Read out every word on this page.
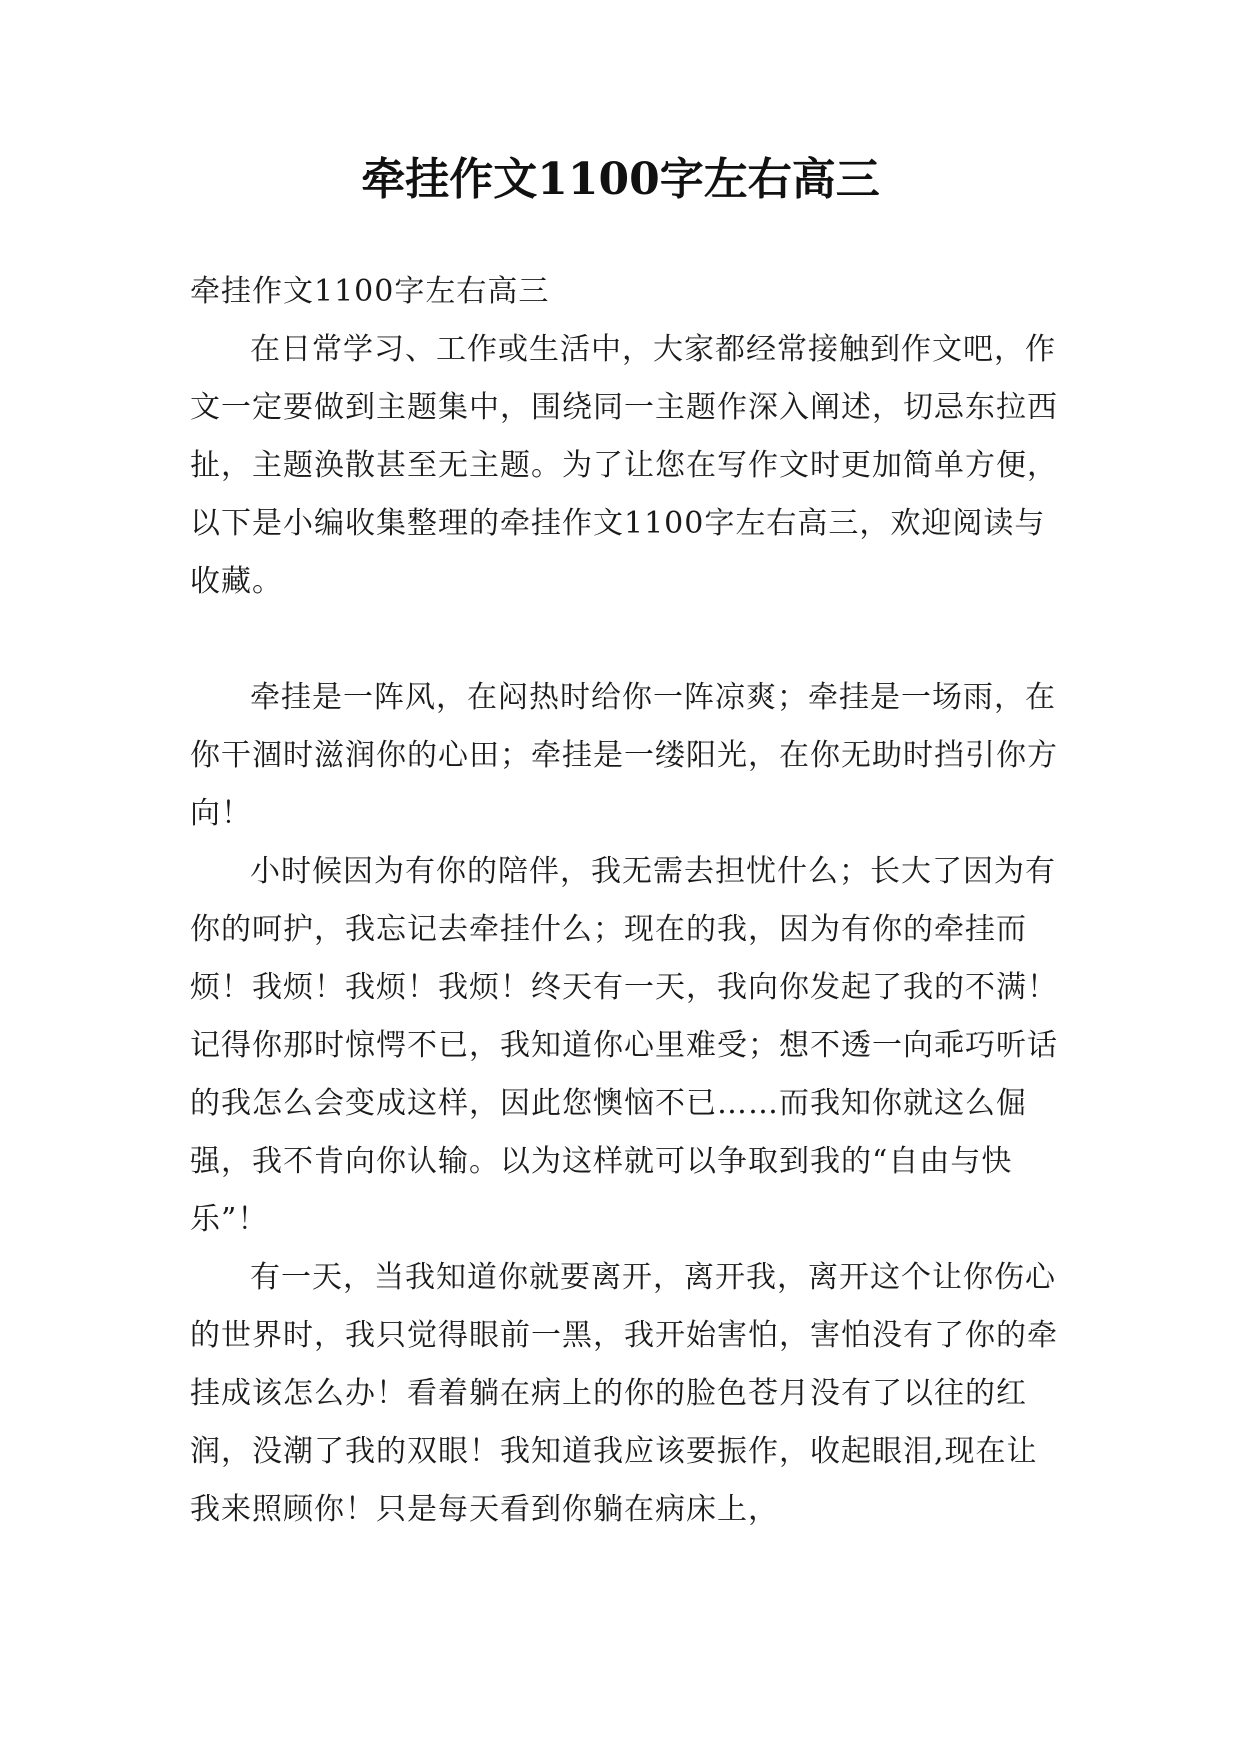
牵挂作文1100字左右高三

牵挂作文1100字左右高三

在日常学习、工作或生活中，大家都经常接触到作文吧，作文一定要做到主题集中，围绕同一主题作深入阐述，切忌东拉西扯，主题涣散甚至无主题。为了让您在写作文时更加简单方便，以下是小编收集整理的牵挂作文1100字左右高三，欢迎阅读与收藏。

牵挂是一阵风，在闷热时给你一阵凉爽；牵挂是一场雨，在你干涸时滋润你的心田；牵挂是一缕阳光，在你无助时挡引你方向！

小时候因为有你的陪伴，我无需去担忧什么；长大了因为有你的呵护，我忘记去牵挂什么；现在的我，因为有你的牵挂而烦！我烦！我烦！我烦！终天有一天，我向你发起了我的不满！记得你那时惊愕不已，我知道你心里难受；想不透一向乖巧听话的我怎么会变成这样，因此您懊恼不已……而我知你就这么倔强，我不肯向你认输。以为这样就可以争取到我的“自由与快乐”！

有一天，当我知道你就要离开，离开我，离开这个让你伤心的世界时，我只觉得眼前一黑，我开始害怕，害怕没有了你的牵挂成该怎么办！看着躺在病上的你的脸色苍月没有了以往的红润，没潮了我的双眼！我知道我应该要振作，收起眼泪,现在让我来照顾你！只是每天看到你躺在病床上，
